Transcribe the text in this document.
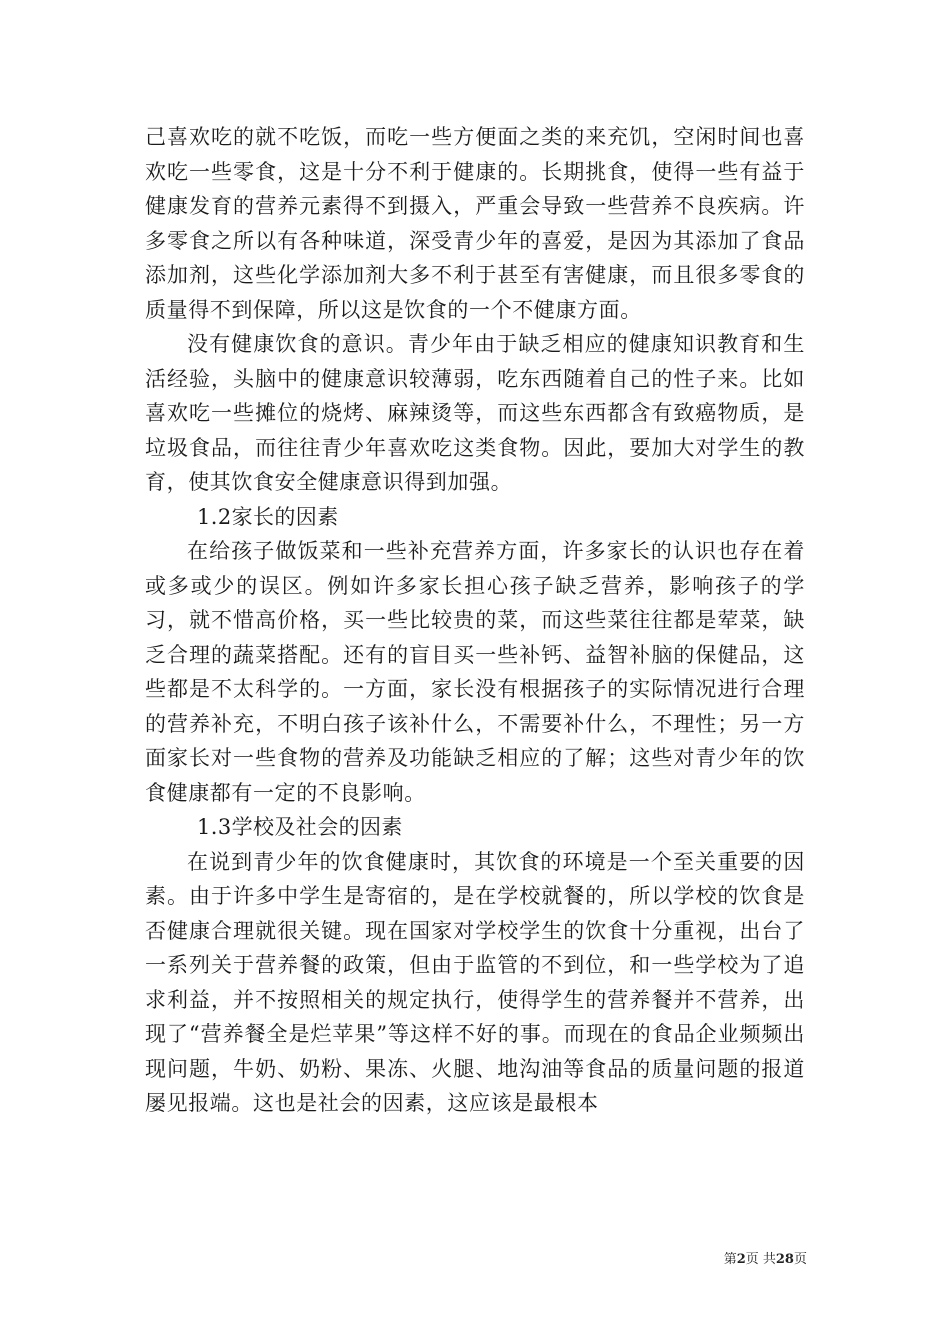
己喜欢吃的就不吃饭，而吃一些方便面之类的来充饥，空闲时间也喜欢吃一些零食，这是十分不利于健康的。长期挑食，使得一些有益于健康发育的营养元素得不到摄入，严重会导致一些营养不良疾病。许多零食之所以有各种味道，深受青少年的喜爱，是因为其添加了食品添加剂，这些化学添加剂大多不利于甚至有害健康，而且很多零食的质量得不到保障，所以这是饮食的一个不健康方面。

没有健康饮食的意识。青少年由于缺乏相应的健康知识教育和生活经验，头脑中的健康意识较薄弱，吃东西随着自己的性子来。比如喜欢吃一些摊位的烧烤、麻辣烫等，而这些东西都含有致癌物质，是垃圾食品，而往往青少年喜欢吃这类食物。因此，要加大对学生的教育，使其饮食安全健康意识得到加强。

1.2家长的因素

在给孩子做饭菜和一些补充营养方面，许多家长的认识也存在着或多或少的误区。例如许多家长担心孩子缺乏营养，影响孩子的学习，就不惜高价格，买一些比较贵的菜，而这些菜往往都是荤菜，缺乏合理的蔬菜搭配。还有的盲目买一些补钙、益智补脑的保健品，这些都是不太科学的。一方面，家长没有根据孩子的实际情况进行合理的营养补充，不明白孩子该补什么，不需要补什么，不理性；另一方面家长对一些食物的营养及功能缺乏相应的了解；这些对青少年的饮食健康都有一定的不良影响。

1.3学校及社会的因素

在说到青少年的饮食健康时，其饮食的环境是一个至关重要的因素。由于许多中学生是寄宿的，是在学校就餐的，所以学校的饮食是否健康合理就很关键。现在国家对学校学生的饮食十分重视，出台了一系列关于营养餐的政策，但由于监管的不到位，和一些学校为了追求利益，并不按照相关的规定执行，使得学生的营养餐并不营养，出现了“营养餐全是烂苹果”等这样不好的事。而现在的食品企业频频出现问题，牛奶、奶粉、果冻、火腿、地沟油等食品的质量问题的报道屡见报端。这也是社会的因素，这应该是最根本

第2页 共28页
